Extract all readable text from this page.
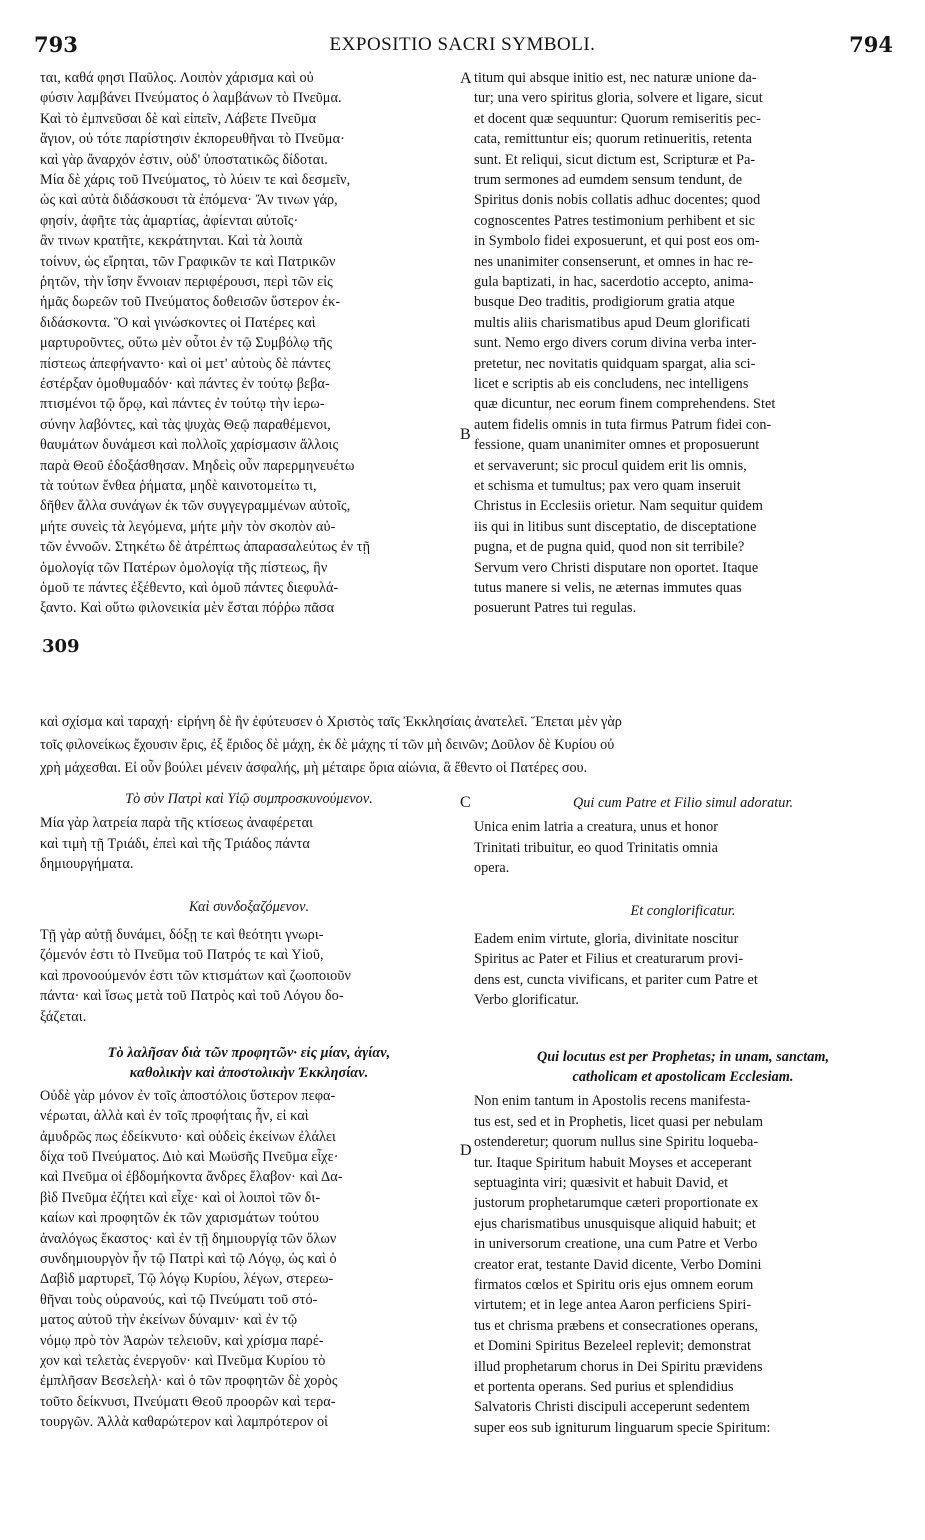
793	EXPOSITIO SACRI SYMBOLI.	794
ται, καθά φησι Παῦλος. Λοιπὸν χάρισμα καὶ οὐ
φύσιν λαμβάνει Πνεύματος ὁ λαμβάνων τὸ Πνεῦμα.
Καὶ τὸ ἐμπνεῦσαι δὲ καὶ εἰπεῖν, Λάβετε Πνεῦμα
ἅγιον, οὐ τότε παρίστησιν ἐκπορευθῆναι τὸ Πνεῦμα·
καὶ γὰρ ἄναρχόν ἐστιν, οὐδ' ὑποστατικῶς δίδοται.
Μία δὲ χάρις τοῦ Πνεύματος, τὸ λύειν τε καὶ δεσμεῖν,
ὡς καὶ αὐτὰ διδάσκουσι τὰ ἑπόμενα· Ἄν τινων γάρ,
φησίν, ἀφῆτε τὰς ἁμαρτίας, ἀφίενται αὐτοῖς·
ἂν τινων κρατῆτε, κεκράτηνται. Καὶ τὰ λοιπὰ
τοίνυν, ὡς εἴρηται, τῶν Γραφικῶν τε καὶ Πατρικῶν
ῥητῶν, τὴν ἴσην ἔννοιαν περιφέρουσι, περὶ τῶν εἰς
ἡμᾶς δωρεῶν τοῦ Πνεύματος δοθεισῶν ὕστερον ἐκ-
διδάσκοντα. Ὃ καὶ γινώσκοντες οἱ Πατέρες καὶ
μαρτυροῦντες, οὕτω μὲν οὗτοι ἐν τῷ Συμβόλῳ τῆς
πίστεως ἀπεφήναντο· καὶ οἱ μετ' αὐτοὺς δὲ πάντες
ἐστέρξαν ὁμοθυμαδόν· καὶ πάντες ἐν τούτῳ βεβα-
πτισμένοι τῷ ὅρῳ, καὶ πάντες ἐν τούτῳ τὴν ἱερω-
σύνην λαβόντες, καὶ τὰς ψυχὰς Θεῷ παραθέμενοι,
θαυμάτων δυνάμεσι καὶ πολλοῖς χαρίσμασιν ἄλλοις
παρὰ Θεοῦ ἐδοξάσθησαν. Μηδεὶς οὖν παρερμηνευέτω
τὰ τούτων ἔνθεα ῥήματα, μηδὲ καινοτομείτω τι,
δῆθεν ἄλλα συνάγων ἐκ τῶν συγγεγραμμένων αὐτοῖς,
μήτε συνεὶς τὰ λεγόμενα, μήτε μὴν τὸν σκοπὸν αὐ-
τῶν ἐννοῶν. Στηκέτω δὲ ἀτρέπτως ἀπαρασαλεύτως ἐν τῇ
ὁμολογίᾳ τῶν Πατέρων ὁμολογίᾳ τῆς πίστεως, ἣν
ὁμοῦ τε πάντες ἐξέθεντο, καὶ ὁμοῦ πάντες διεφυλά-
ξαντο. Καὶ οὕτω φιλονεικία μὲν ἔσται πόῤῥω πᾶσα
titum qui absque initio est, nec naturæ unione da-
tur; una vero spiritus gloria, solvere et ligare, sicut
et docent quæ sequuntur: Quorum remiseritis pec-
cata, remittuntur eis; quorum retinueritis, retenta
sunt. Et reliqui, sicut dictum est, Scripturæ et Pa-
trum sermones ad eumdem sensum tendunt, de
Spiritus donis nobis collatis adhuc docentes; quod
cognoscentes Patres testimonium perhibent et sic
in Symbolo fidei exposuerunt, et qui post eos om-
nes unanimiter consenserunt, et omnes in hac re-
gula baptizati, in hac, sacerdotio accepto, anima-
busque Deo traditis, prodigiorum gratia atque
multis aliis charismatibus apud Deum glorificati
sunt. Nemo ergo divers corum divina verba inter-
pretetur, nec novitatis quidquam spargat, alia sci-
licet e scriptis ab eis concludens, nec intelligens
quæ dicuntur, nec eorum finem comprehendens. Stet
autem fidelis omnis in tuta firmus Patrum fidei con-
fessione, quam unanimiter omnes et proposuerunt
et servaverunt; sic procul quidem erit lis omnis,
et schisma et tumultus; pax vero quam inseruit
Christus in Ecclesiis orietur. Nam sequitur quidem
iis qui in litibus sunt disceptatio, de disceptatione
pugna, et de pugna quid, quod non sit terribile?
Servum vero Christi disputare non oportet. Itaque
tutus manere si velis, ne æternas immutes quas
posuerunt Patres tui regulas.
A
B
C
D
309
καὶ σχίσμα καὶ ταραχή· εἰρήνη δὲ ἣν ἐφύτευσεν ὁ Χριστὸς ταῖς Ἐκκλησίαις ἀνατελεῖ. Ἕπεται μὲν γὰρ
τοῖς φιλονείκως ἔχουσιν ἔρις, ἐξ ἔριδος δὲ μάχη, ἐκ δὲ μάχης τί τῶν μὴ δεινῶν; Δοῦλον δὲ Κυρίου οὐ
χρὴ μάχεσθαι. Εἰ οὖν βούλει μένειν ἀσφαλής, μὴ μέταιρε ὅρια αἰώνια, ἃ ἔθεντο οἱ Πατέρες σου.
Τὸ σὺν Πατρὶ καὶ Υἱῷ συμπροσκυνούμενον.
Μία γὰρ λατρεία παρὰ τῆς κτίσεως ἀναφέρεται
καὶ τιμὴ τῇ Τριάδι, ἐπεὶ καὶ τῆς Τριάδος πάντα
δημιουργήματα.
Καὶ συνδοξαζόμενον.
Τῇ γὰρ αὐτῇ δυνάμει, δόξῃ τε καὶ θεότητι γνωρι-
ζόμενόν ἐστι τὸ Πνεῦμα τοῦ Πατρός τε καὶ Υἱοῦ,
καὶ προνοούμενόν ἐστι τῶν κτισμάτων καὶ ζωοποιοῦν
πάντα· καὶ ἴσως μετὰ τοῦ Πατρὸς καὶ τοῦ Λόγου δο-
ξάζεται.
Τὸ λαλῆσαν διὰ τῶν προφητῶν· εἰς μίαν, ἁγίαν,
καθολικὴν καὶ ἀποστολικὴν Ἐκκλησίαν.
Οὐδὲ γὰρ μόνον ἐν τοῖς ἀποστόλοις ὕστερον πεφα-
νέρωται, ἀλλὰ καὶ ἐν τοῖς προφήταις ἦν, εἰ καὶ
ἀμυδρῶς πως ἐδείκνυτο· καὶ οὐδεὶς ἐκείνων ἐλάλει
δίχα τοῦ Πνεύματος. Διὸ καὶ Μωϋσῆς Πνεῦμα εἶχε·
καὶ Πνεῦμα οἱ ἑβδομήκοντα ἄνδρες ἔλαβον· καὶ Δα-
βὶδ Πνεῦμα ἐζήτει καὶ εἶχε· καὶ οἱ λοιποὶ τῶν δι-
καίων καὶ προφητῶν ἐκ τῶν χαρισμάτων τούτου
ἀναλόγως ἕκαστος· καὶ ἐν τῇ δημιουργίᾳ τῶν ὅλων
συνδημιουργὸν ἦν τῷ Πατρὶ καὶ τῷ Λόγῳ, ὡς καὶ ὁ
Δαβὶδ μαρτυρεῖ, Τῷ λόγῳ Κυρίου, λέγων, στερεω-
θῆναι τοὺς οὐρανούς, καὶ τῷ Πνεύματι τοῦ στό-
ματος αὐτοῦ τὴν ἐκείνων δύναμιν· καὶ ἐν τῷ
νόμῳ πρὸ τὸν Ἀαρὼν τελειοῦν, καὶ χρίσμα παρέ-
χον καὶ τελετὰς ἐνεργοῦν· καὶ Πνεῦμα Κυρίου τὸ
ἐμπλῆσαν Βεσελεὴλ· καὶ ὁ τῶν προφητῶν δὲ χορὸς
τοῦτο δείκνυσι, Πνεύματι Θεοῦ προορῶν καὶ τερα-
τουργῶν. Ἀλλὰ καθαρώτερον καὶ λαμπρότερον οἱ
Qui cum Patre et Filio simul adoratur.
Unica enim latria a creatura, unus et honor
Trinitati tribuitur, eo quod Trinitatis omnia
opera.
Et conglorificatur.
Eadem enim virtute, gloria, divinitate noscitur
Spiritus ac Pater et Filius et creaturarum provi-
dens est, cuncta vivificans, et pariter cum Patre et
Verbo glorificatur.
Qui locutus est per Prophetas; in unam, sanctam,
catholicam et apostolicam Ecclesiam.
Non enim tantum in Apostolis recens manifesta-
tus est, sed et in Prophetis, licet quasi per nebulam
ostenderetur; quorum nullus sine Spiritu loqueba-
tur. Itaque Spiritum habuit Moyses et acceperant
septuaginta viri; quæsivit et habuit David, et
justorum prophetarumque cæteri proportionate ex
ejus charismatibus unusquisque aliquid habuit; et
in universorum creatione, una cum Patre et Verbo
creator erat, testante David dicente, Verbo Domini
firmatos cœlos et Spiritu oris ejus omnem eorum
virtutem; et in lege antea Aaron perficiens Spiri-
tus et chrisma præbens et consecrationes operans,
et Domini Spiritus Bezeleel replevit; demonstrat
illud prophetarum chorus in Dei Spiritu prævidens
et portenta operans. Sed purius et splendidius
Salvatoris Christi discipuli acceperunt sedentem
super eos sub igniturum linguarum specie Spiritum:
